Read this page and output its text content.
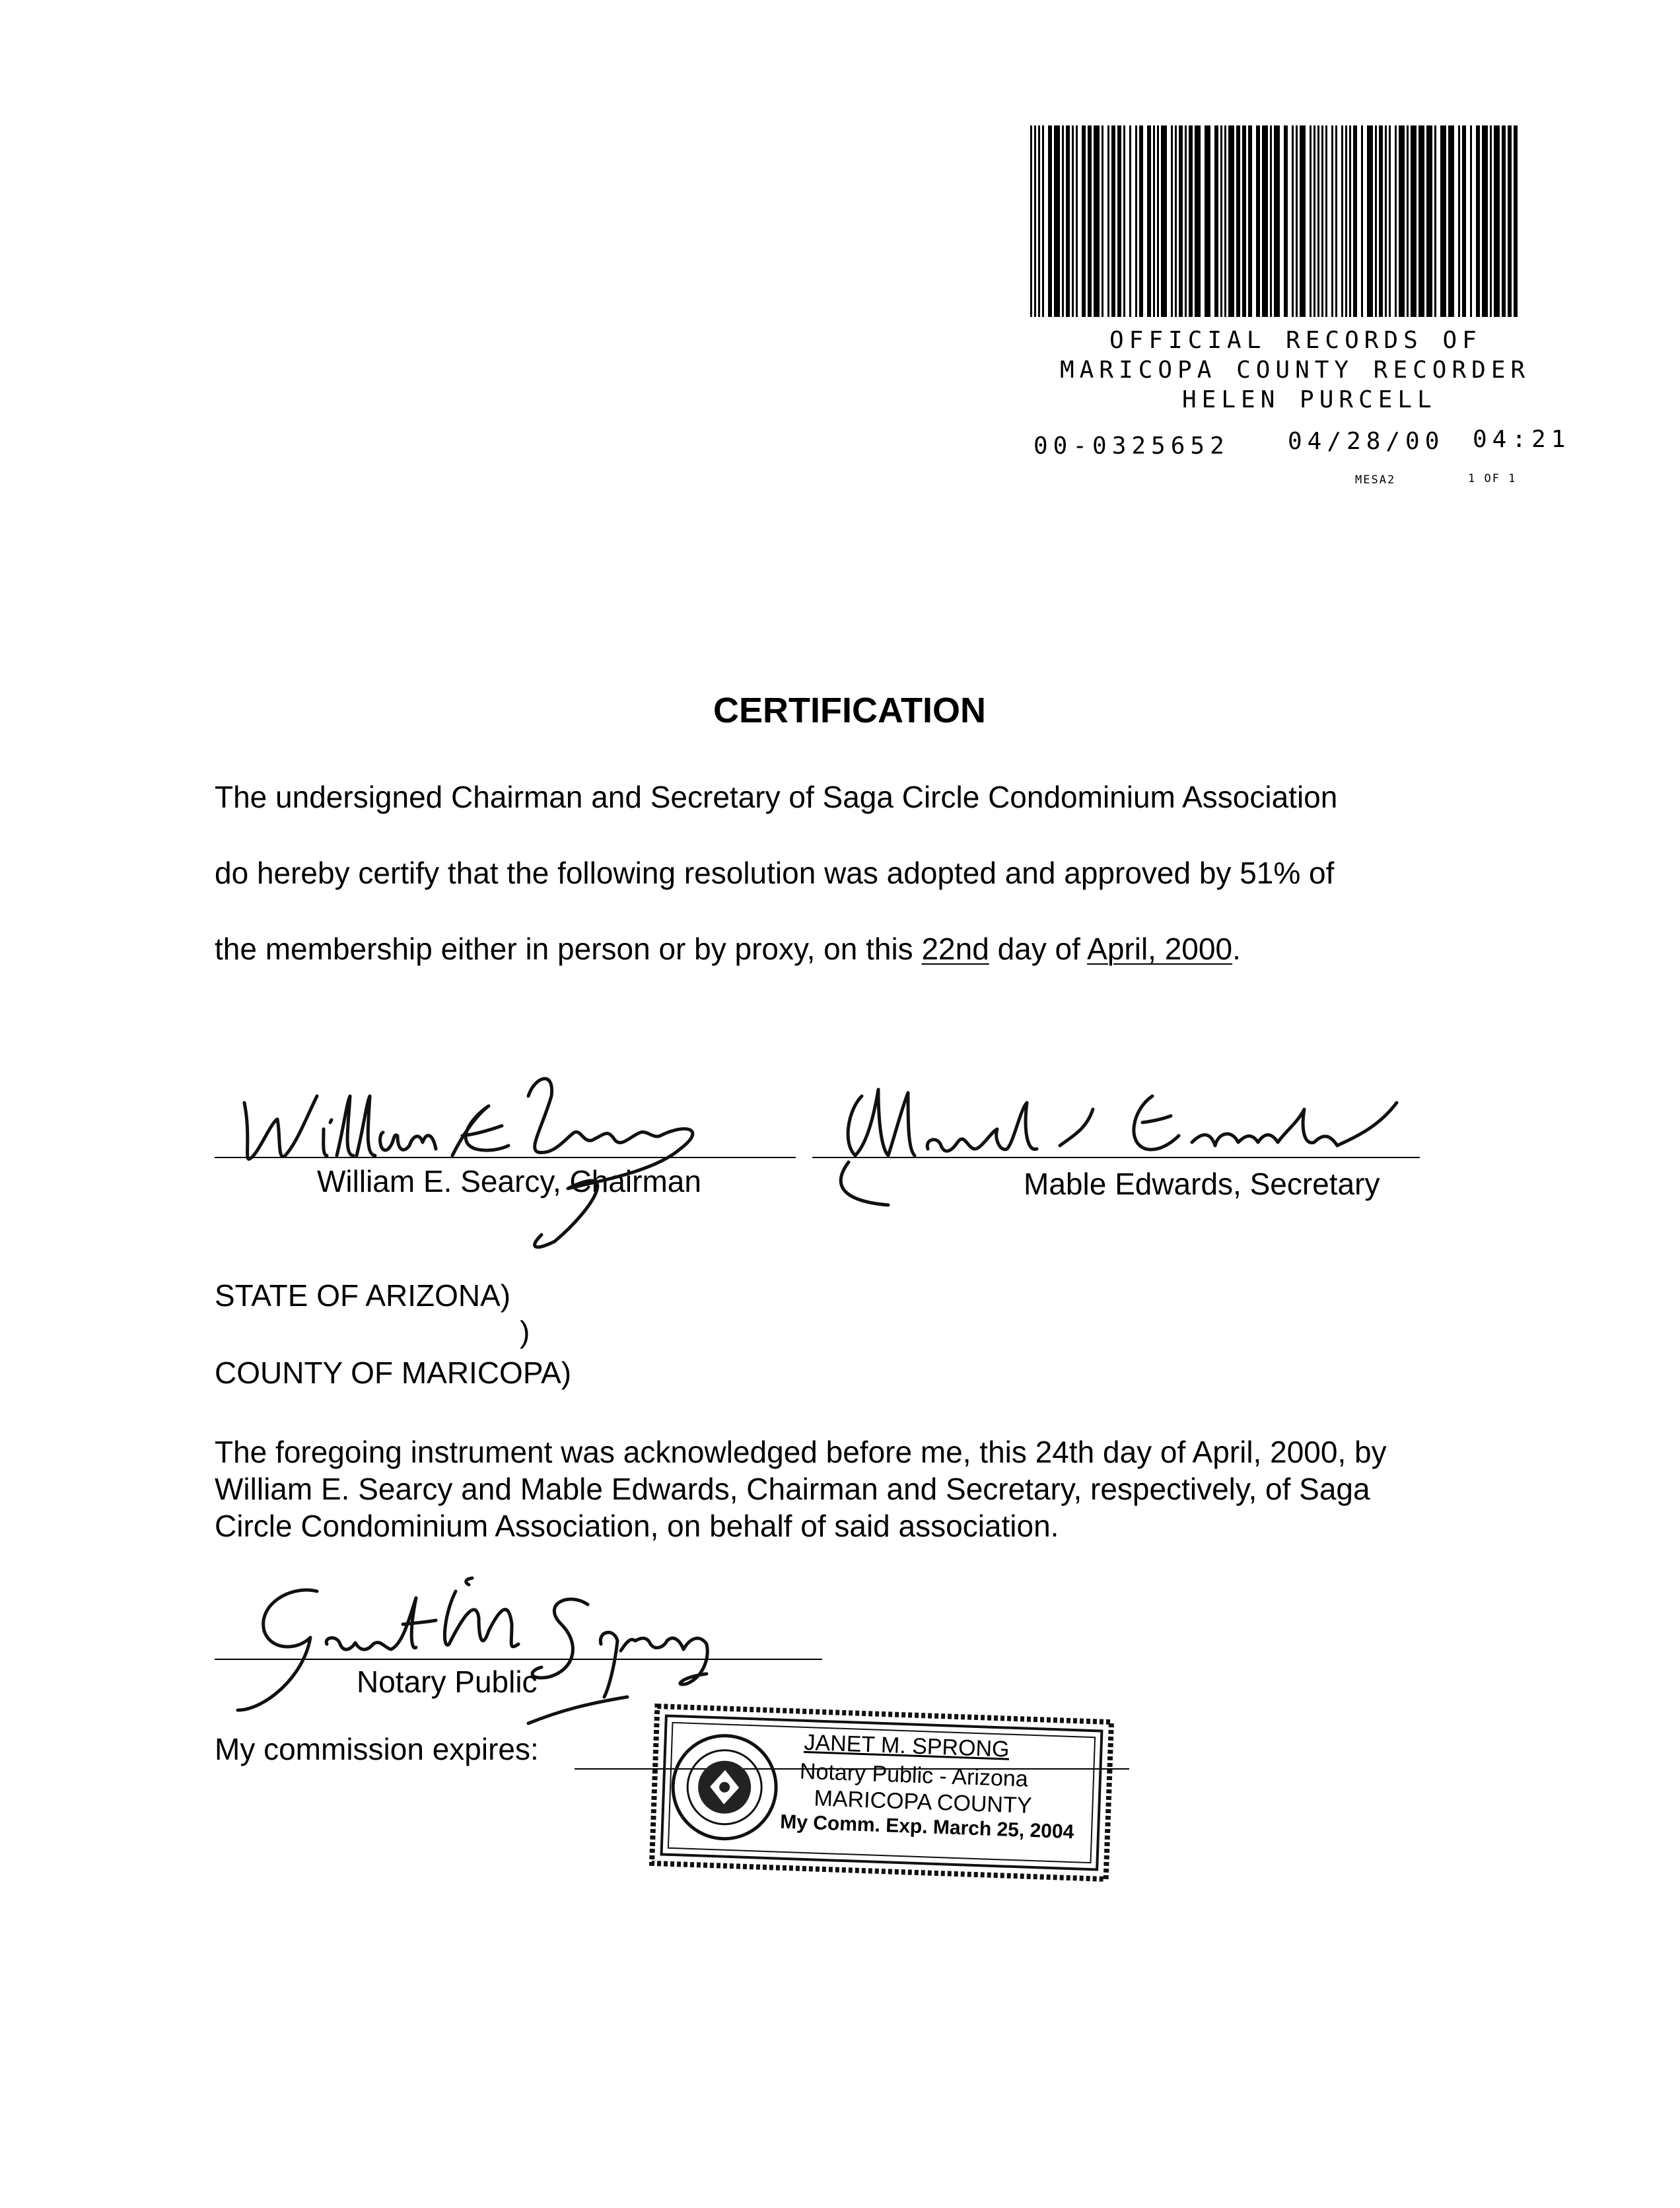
OFFICIAL RECORDS OF
MARICOPA COUNTY RECORDER
HELEN PURCELL
00-0325652 04/28/00 04:21
MESA2	1 OF 1
CERTIFICATION
The undersigned Chairman and Secretary of Saga Circle Condominium Association
do hereby certify that the following resolution was adopted and approved by 51% of
the membership either in person or by proxy, on this 22nd day of April, 2000.
William E. Searcy, Chairman	Mable Edwards, Secretary
STATE OF ARIZONA)
)
COUNTY OF MARICOPA)
The foregoing instrument was acknowledged before me, this 24th day of April, 2000, by
William E. Searcy and Mable Edwards, Chairman and Secretary, respectively, of Saga
Circle Condominium Association, on behalf of said association.
Notary Public
My commission expires:	JANET M. SPRONG
Notary Public - Arizona
MARICOPA COUNTY
My Comm. Exp. March 25, 2004
